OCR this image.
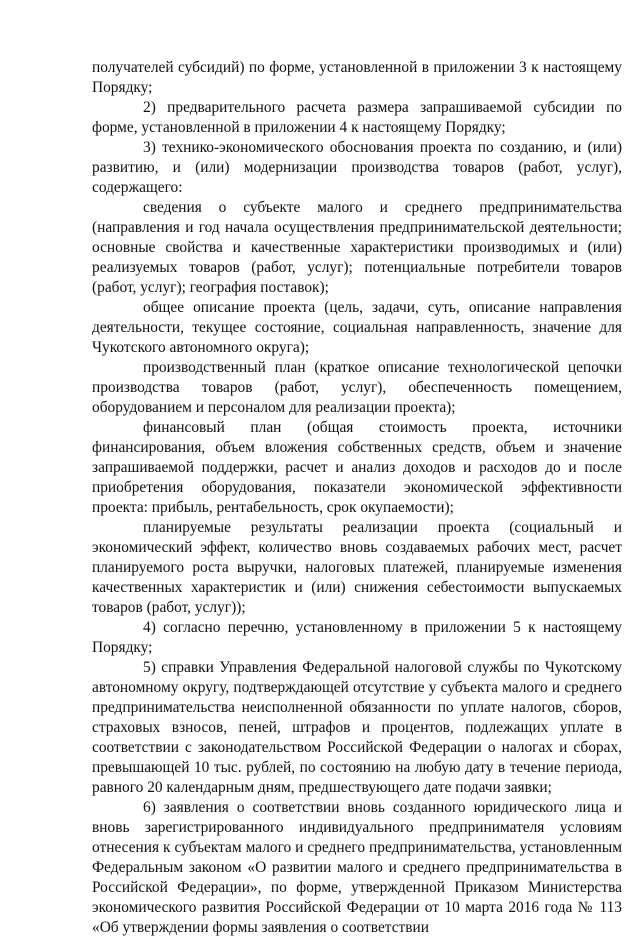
получателей субсидий) по форме, установленной в приложении 3 к настоящему Порядку;

2) предварительного расчета размера запрашиваемой субсидии по форме, установленной в приложении 4 к настоящему Порядку;

3) технико-экономического обоснования проекта по созданию, и (или) развитию, и (или) модернизации производства товаров (работ, услуг), содержащего:

сведения о субъекте малого и среднего предпринимательства (направления и год начала осуществления предпринимательской деятельности; основные свойства и качественные характеристики производимых и (или) реализуемых товаров (работ, услуг); потенциальные потребители товаров (работ, услуг); география поставок);

общее описание проекта (цель, задачи, суть, описание направления деятельности, текущее состояние, социальная направленность, значение для Чукотского автономного округа);

производственный план (краткое описание технологической цепочки производства товаров (работ, услуг), обеспеченность помещением, оборудованием и персоналом для реализации проекта);

финансовый план (общая стоимость проекта, источники финансирования, объем вложения собственных средств, объем и значение запрашиваемой поддержки, расчет и анализ доходов и расходов до и после приобретения оборудования, показатели экономической эффективности проекта: прибыль, рентабельность, срок окупаемости);

планируемые результаты реализации проекта (социальный и экономический эффект, количество вновь создаваемых рабочих мест, расчет планируемого роста выручки, налоговых платежей, планируемые изменения качественных характеристик и (или) снижения себестоимости выпускаемых товаров (работ, услуг));

4) согласно перечню, установленному в приложении 5 к настоящему Порядку;

5) справки Управления Федеральной налоговой службы по Чукотскому автономному округу, подтверждающей отсутствие у субъекта малого и среднего предпринимательства неисполненной обязанности по уплате налогов, сборов, страховых взносов, пеней, штрафов и процентов, подлежащих уплате в соответствии с законодательством Российской Федерации о налогах и сборах, превышающей 10 тыс. рублей, по состоянию на любую дату в течение периода, равного 20 календарным дням, предшествующего дате подачи заявки;

6) заявления о соответствии вновь созданного юридического лица и вновь зарегистрированного индивидуального предпринимателя условиям отнесения к субъектам малого и среднего предпринимательства, установленным Федеральным законом «О развитии малого и среднего предпринимательства в Российской Федерации», по форме, утвержденной Приказом Министерства экономического развития Российской Федерации от 10 марта 2016 года № 113 «Об утверждении формы заявления о соответствии
